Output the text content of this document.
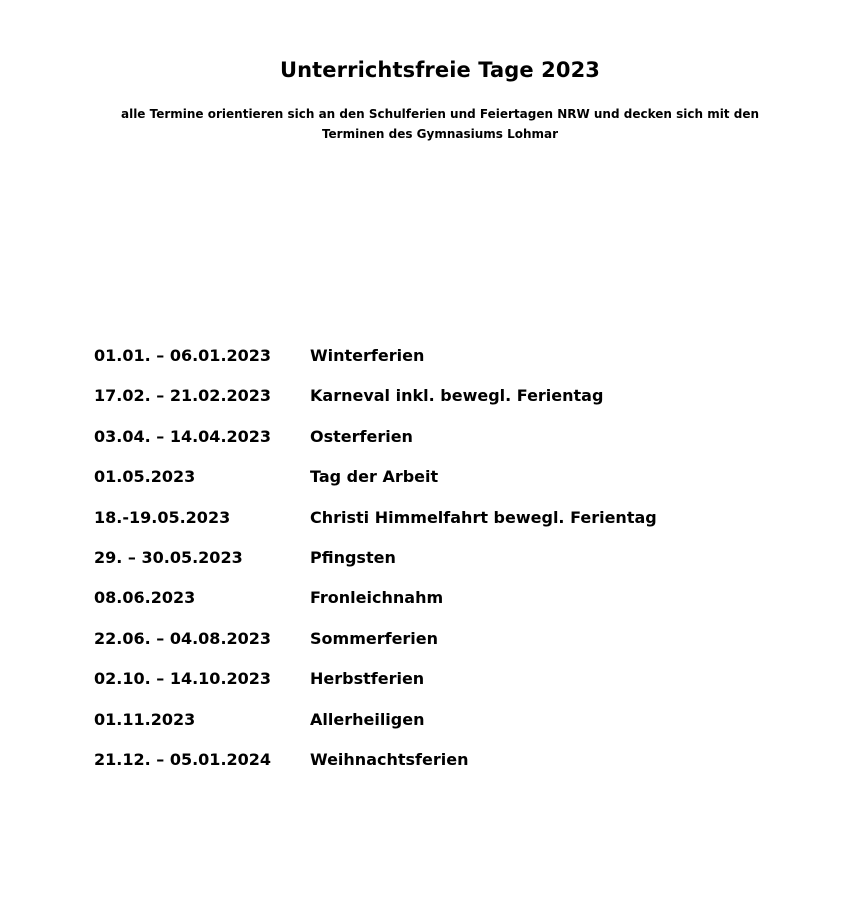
Unterrichtsfreie Tage 2023
alle Termine orientieren sich an den Schulferien und Feiertagen NRW und decken sich mit den Terminen des Gymnasiums Lohmar
01.01. – 06.01.2023	Winterferien
17.02. – 21.02.2023	Karneval inkl. bewegl. Ferientag
03.04. – 14.04.2023	Osterferien
01.05.2023	Tag der Arbeit
18.-19.05.2023	Christi Himmelfahrt bewegl. Ferientag
29. – 30.05.2023	Pfingsten
08.06.2023	Fronleichnahm
22.06. – 04.08.2023	Sommerferien
02.10. – 14.10.2023	Herbstferien
01.11.2023	Allerheiligen
21.12. – 05.01.2024	Weihnachtsferien
